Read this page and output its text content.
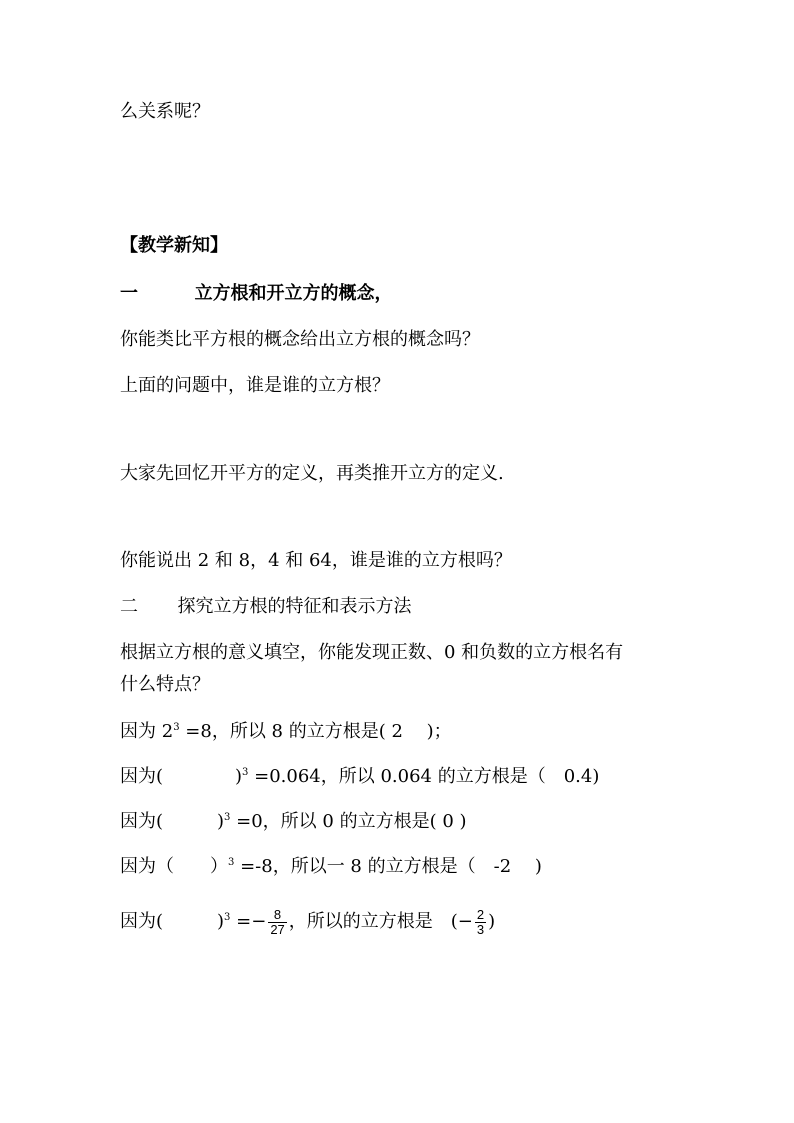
么关系呢？
【教学新知】
一	立方根和开立方的概念，
你能类比平方根的概念给出立方根的概念吗？
上面的问题中，谁是谁的立方根？
大家先回忆开平方的定义，再类推开立方的定义.
你能说出 2 和 8，4 和 64，谁是谁的立方根吗？
二 探究立方根的特征和表示方法
根据立方根的意义填空，你能发现正数、0 和负数的立方根名有
什么特点？
因为 $2^3 =8$，所以 8 的立方根是( 2　 )；
因为(　　　　)$^3$ =0.064，所以 0.064 的立方根是（　0.4)
因为(　　　)$^3$ =0，所以 0 的立方根是( 0 )
因为（　　）$^3$ =-8，所以一 8 的立方根是（　-2　 )
因为(　　　)$^3 =- \frac{8}{27}$ ，所以的立方根是　(− $\frac{2}{3}$ )
